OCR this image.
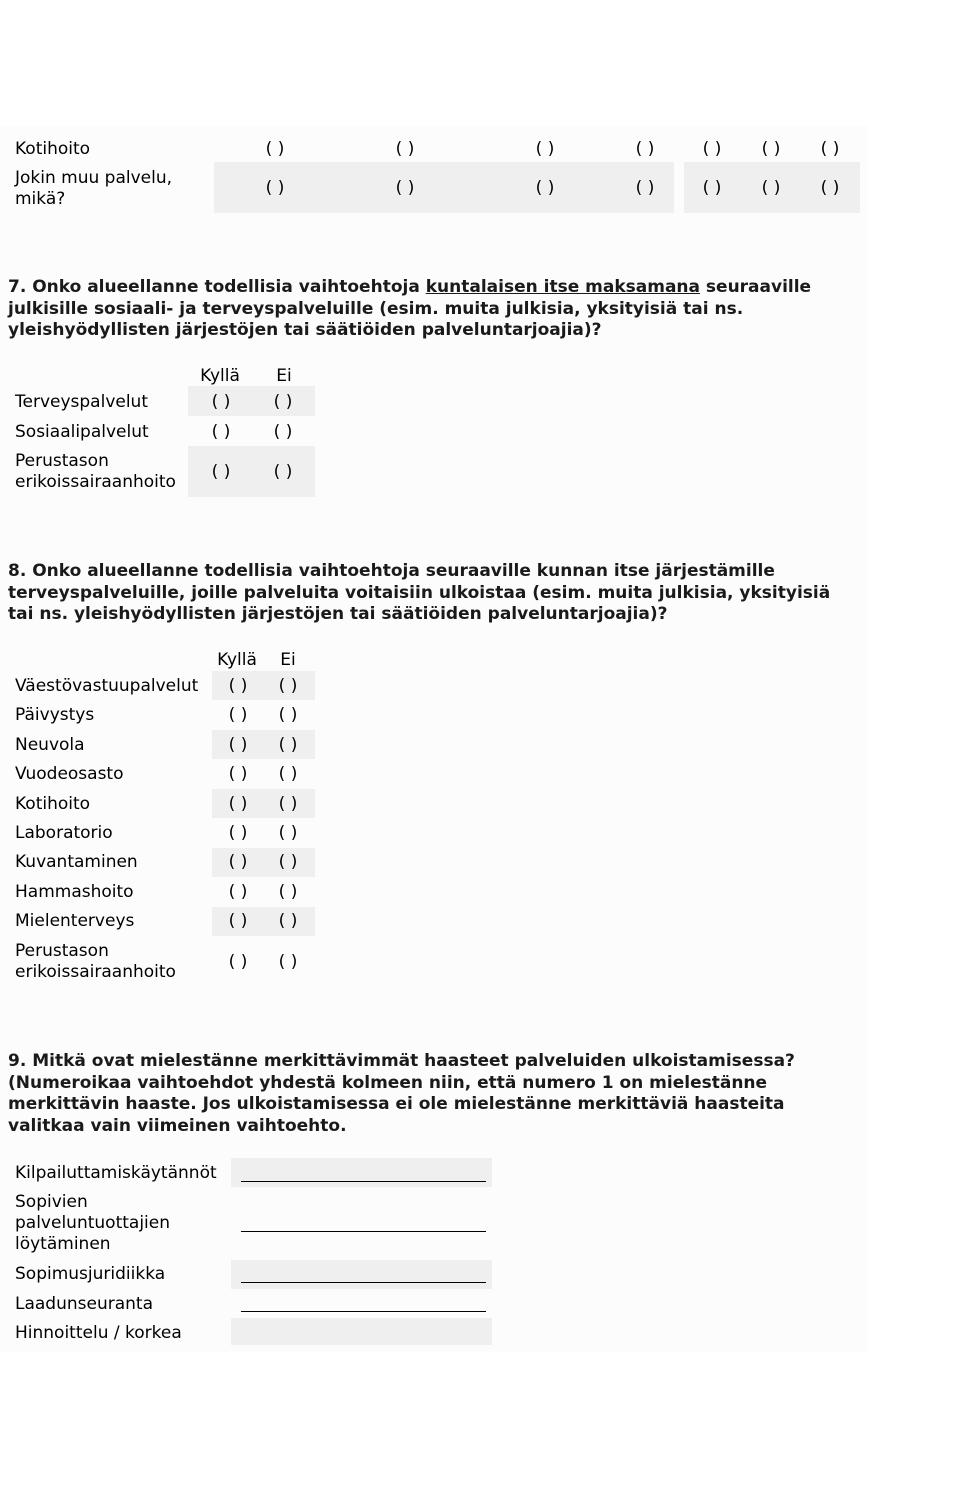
Kotihoito	( )	( )	( )	( )	( )	( )	( )
Jokin muu palvelu,
mikä?
( )	( )	( )	( )	( )	( )	( )
7. Onko alueellanne todellisia vaihtoehtoja kuntalaisen itse maksamana seuraaville
julkisille sosiaali- ja terveyspalveluille (esim. muita julkisia, yksityisiä tai ns.
yleishyödyllisten järjestöjen tai säätiöiden palveluntarjoajia)?
Kyllä	Ei
Terveyspalvelut	( )	( )
Sosiaalipalvelut	( )	( )
Perustason
erikoissairaanhoito	( )	( )
8. Onko alueellanne todellisia vaihtoehtoja seuraaville kunnan itse järjestämille
terveyspalveluille, joille palveluita voitaisiin ulkoistaa (esim. muita julkisia, yksityisiä
tai ns. yleishyödyllisten järjestöjen tai säätiöiden palveluntarjoajia)?
Kyllä	Ei
Väestövastuupalvelut	( )	( )
Päivystys	( )	( )
Neuvola	( )	( )
Vuodeosasto	( )	( )
Kotihoito	( )	( )
Laboratorio	( )	( )
Kuvantaminen	( )	( )
Hammashoito	( )	( )
Mielenterveys	( )	( )
Perustason
erikoissairaanhoito	( )	( )
9. Mitkä ovat mielestänne merkittävimmät haasteet palveluiden ulkoistamisessa?
(Numeroikaa vaihtoehdot yhdestä kolmeen niin, että numero 1 on mielestänne
merkittävin haaste. Jos ulkoistamisessa ei ole mielestänne merkittäviä haasteita
valitkaa vain viimeinen vaihtoehto.
Kilpailuttamiskäytännöt
Sopivien
palveluntuottajien
löytäminen
Sopimusjuridiikka
Laadunseuranta
Hinnoittelu / korkea
